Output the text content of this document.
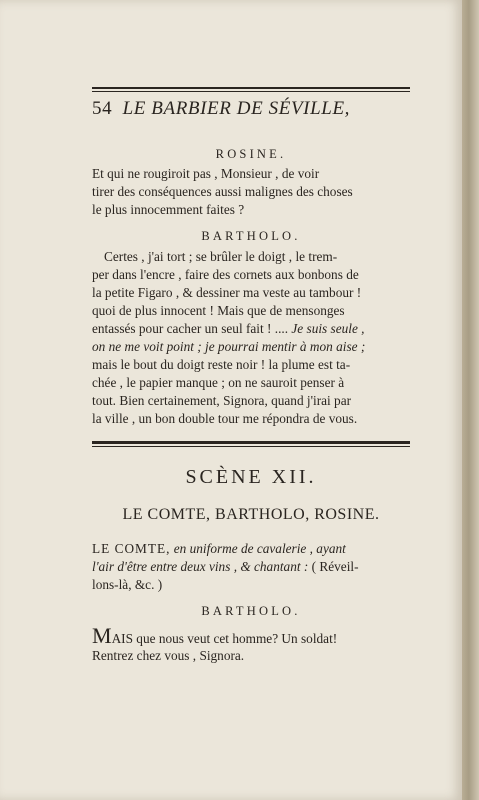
54 LE BARBIER DE SÉVILLE,
ROSINE.
Et qui ne rougiroit pas , Monsieur , de voir
tirer des conséquences aussi malignes des choses
le plus innocemment faites ?
BARTHOLO.
Certes , j'ai tort ; se brûler le doigt , le trem-
per dans l'encre , faire des cornets aux bonbons de
la petite Figaro , & dessiner ma veste au tambour !
quoi de plus innocent ! Mais que de mensonges
entassés pour cacher un seul fait ! .... Je suis seule ,
on ne me voit point ; je pourrai mentir à mon aise ;
mais le bout du doigt reste noir ! la plume est ta-
chée , le papier manque ; on ne sauroit penser à
tout. Bien certainement, Signora, quand j'irai par
la ville , un bon double tour me répondra de vous.
SCÈNE XII.
LE COMTE, BARTHOLO, ROSINE.
LE COMTE, en uniforme de cavalerie , ayant
l'air d'être entre deux vins , & chantant : ( Réveil-
lons-là, &c. )
BARTHOLO.
MAIS que nous veut cet homme? Un soldat!
Rentrez chez vous , Signora.
